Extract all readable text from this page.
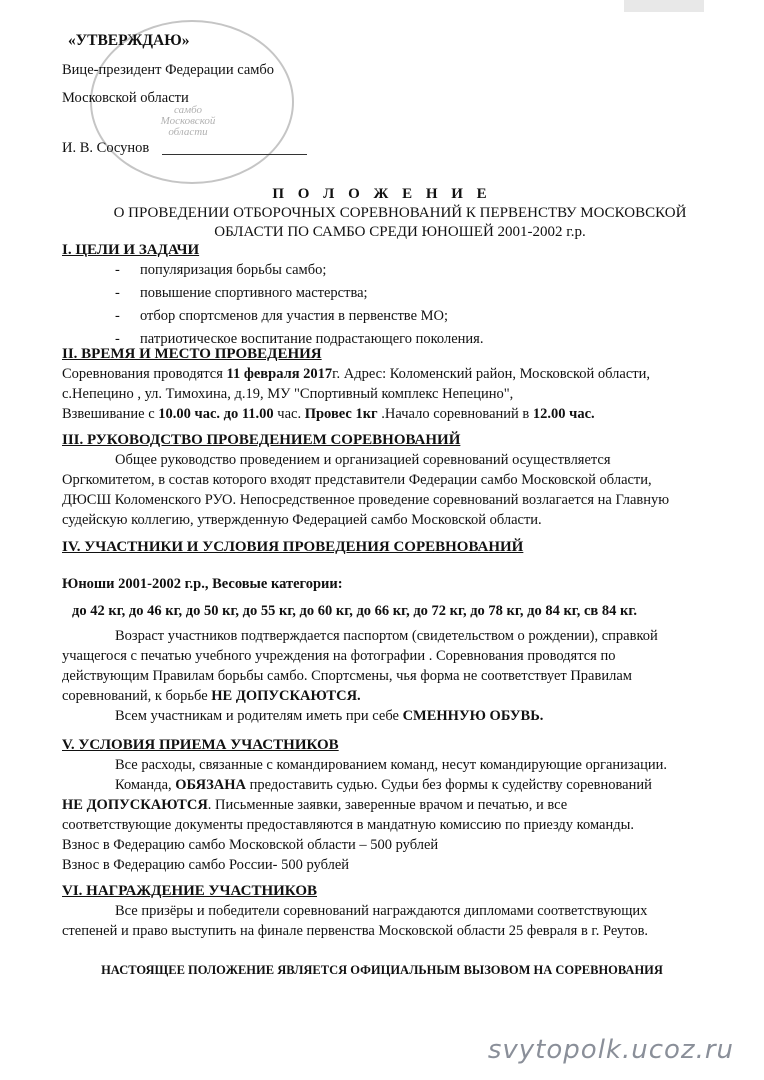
самбо
Московской
области
«УТВЕРЖДАЮ»
Вице-президент Федерации самбо
Московской области
И. В. Сосунов
П О Л О Ж Е Н И Е
О ПРОВЕДЕНИИ ОТБОРОЧНЫХ СОРЕВНОВАНИЙ К ПЕРВЕНСТВУ МОСКОВСКОЙ
ОБЛАСТИ ПО САМБО СРЕДИ ЮНОШЕЙ 2001-2002 г.р.
I. ЦЕЛИ И ЗАДАЧИ
- популяризация борьбы самбо;
- повышение спортивного мастерства;
- отбор спортсменов для участия в первенстве МО;
- патриотическое воспитание подрастающего поколения.
II. ВРЕМЯ И МЕСТО ПРОВЕДЕНИЯ
Соревнования проводятся 11 февраля 2017г. Адрес: Коломенский район, Московской области,
с.Непецино , ул. Тимохина, д.19, МУ "Спортивный комплекс Непецино",
Взвешивание с 10.00 час. до 11.00 час. Провес 1кг .Начало соревнований в 12.00 час.
III. РУКОВОДСТВО ПРОВЕДЕНИЕМ СОРЕВНОВАНИЙ
Общее руководство проведением и организацией соревнований осуществляется
Оргкомитетом, в состав которого входят представители Федерации самбо Московской области,
ДЮСШ Коломенского РУО. Непосредственное проведение соревнований возлагается на Главную
судейскую коллегию, утвержденную Федерацией самбо Московской области.
IV. УЧАСТНИКИ И УСЛОВИЯ ПРОВЕДЕНИЯ СОРЕВНОВАНИЙ
Юноши 2001-2002 г.р., Весовые категории:
до 42 кг, до 46 кг, до 50 кг, до 55 кг, до 60 кг, до 66 кг, до 72 кг, до 78 кг, до 84 кг, св 84 кг.
Возраст участников подтверждается паспортом (свидетельством о рождении), справкой
учащегося с печатью учебного учреждения на фотографии . Соревнования проводятся по
действующим Правилам борьбы самбо. Спортсмены, чья форма не соответствует Правилам
соревнований, к борьбе НЕ ДОПУСКАЮТСЯ.
Всем участникам и родителям иметь при себе СМЕННУЮ ОБУВЬ.
V. УСЛОВИЯ ПРИЕМА УЧАСТНИКОВ
Все расходы, связанные с командированием команд, несут командирующие организации.
Команда, ОБЯЗАНА предоставить судью. Судьи без формы к судейству соревнований
НЕ ДОПУСКАЮТСЯ. Письменные заявки, заверенные врачом и печатью, и все
соответствующие документы предоставляются в мандатную комиссию по приезду команды.
Взнос в Федерацию самбо Московской области – 500 рублей
Взнос в Федерацию самбо России- 500 рублей
VI. НАГРАЖДЕНИЕ УЧАСТНИКОВ
Все призёры и победители соревнований награждаются дипломами соответствующих
степеней и право выступить на финале первенства Московской области 25 февраля в г. Реутов.
НАСТОЯЩЕЕ ПОЛОЖЕНИЕ ЯВЛЯЕТСЯ ОФИЦИАЛЬНЫМ ВЫЗОВОМ НА СОРЕВНОВАНИЯ
svytopolk.ucoz.ru
